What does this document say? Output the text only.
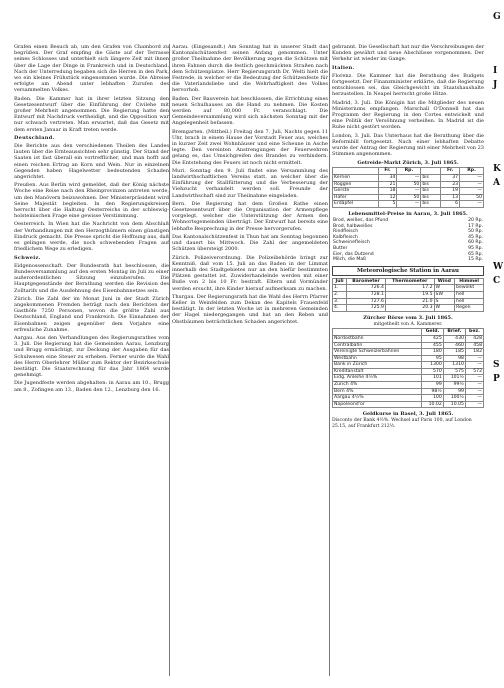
Grafen einen Besuch ab, um den Grafen von Chambord zu begrüßen. Der Graf empfing die Gäste auf der Terrasse seines Schlosses und unterhielt sich längere Zeit mit ihnen über die Lage der Dinge in Frankreich und in Deutschland. Nach der Unterredung begaben sich die Herren in den Park, wo ein kleines Frühstück eingenommen wurde. Die Abreise erfolgte am Abend unter lebhaften Zurufen des versammelten Volkes.

Baden. Die Kammer hat in ihrer letzten Sitzung den Gesetzesentwurf über die Einführung der Civilehe mit großer Mehrheit angenommen. Die Regierung hatte den Entwurf mit Nachdruck vertheidigt, und die Opposition war nur schwach vertreten. Man erwartet, daß das Gesetz mit dem ersten Januar in Kraft treten werde.

Deutschland.

Die Berichte aus den verschiedenen Theilen des Landes lauten über die Ernteaussichten sehr günstig. Der Stand der Saaten ist fast überall ein vortrefflicher, und man hofft auf einen reichen Ertrag an Korn und Wein. Nur in einzelnen Gegenden haben Hagelwetter bedeutenden Schaden angerichtet.

Preußen. Aus Berlin wird gemeldet, daß der König nächste Woche eine Reise nach den Rheinprovinzen antreten werde, um den Manövern beizuwohnen. Der Ministerpräsident wird Seine Majestät begleiten. In den Regierungskreisen herrscht über die Haltung Oesterreichs in der schleswig-holsteinischen Frage eine gewisse Verstimmung.

Oesterreich. In Wien hat die Nachricht von dem Abschluß der Verhandlungen mit den Herzogthümern einen günstigen Eindruck gemacht. Die Presse spricht die Hoffnung aus, daß es gelingen werde, die noch schwebenden Fragen auf friedlichem Wege zu erledigen.

Schweiz.

Eidgenossenschaft. Der Bundesrath hat beschlossen, die Bundesversammlung auf den ersten Montag im Juli zu einer außerordentlichen Sitzung einzuberufen. Die Hauptgegenstände der Berathung werden die Revision des Zolltarifs und die Ausdehnung des Eisenbahnnetzes sein.

Zürich. Die Zahl der im Monat Juni in der Stadt Zürich angekommenen Fremden beträgt nach den Berichten der Gasthöfe 7250 Personen, wovon die größte Zahl aus Deutschland, England und Frankreich. Die Einnahmen der Eisenbahnen zeigen gegenüber dem Vorjahre eine erfreuliche Zunahme.

Aargau. Aus den Verhandlungen des Regierungsrathes vom 3. Juli. Die Regierung hat die Gemeinden Aarau, Lenzburg und Brugg ermächtigt, zur Deckung der Ausgaben für das Schulwesen eine Steuer zu erheben. Ferner wurde die Wahl des Herrn Oberlehrer Müller zum Rektor der Bezirksschule bestätigt. Die Staatsrechnung für das Jahr 1864 wurde genehmigt.

Die Jugendfeste werden abgehalten: in Aarau am 10., Brugg am 8., Zofingen am 13., Baden den 12., Lenzburg den 16.

Aarau. (Eingesandt.) Am Sonntag hat in unserer Stadt das Kantonalschützenfest seinen Anfang genommen. Unter großer Theilnahme der Bevölkerung zogen die Schützen mit ihren Fahnen durch die festlich geschmückten Straßen nach dem Schützenplatze. Herr Regierungsrath Dr. Welti hielt die Festrede, in welcher er die Bedeutung der Schützenfeste für die Vaterlandsliebe und die Wehrhaftigkeit des Volkes hervorhob.

Baden. Der Bauverein hat beschlossen, die Errichtung eines neuen Schulhauses an die Hand zu nehmen. Die Kosten werden auf 80,000 Fr. veranschlagt. Die Gemeindeversammlung wird sich nächsten Sonntag mit der Angelegenheit befassen.

Bremgarten. (Mittheil.) Freitag den 7. Juli, Nachts gegen 11 Uhr, brach in einem Hause der Vorstadt Feuer aus, welches in kurzer Zeit zwei Wohnhäuser und eine Scheune in Asche legte. Den vereinten Anstrengungen der Feuerwehren gelang es, das Umsichgreifen des Brandes zu verhindern. Die Entstehung des Feuers ist noch nicht ermittelt.

Muri. Sonntag den 9. Juli findet eine Versammlung des landwirthschaftlichen Vereins statt, an welcher über die Einführung der Stallfütterung und die Verbesserung der Viehzucht verhandelt werden soll. Freunde der Landwirthschaft sind zur Theilnahme eingeladen.

Bern. Die Regierung hat dem Großen Rathe einen Gesetzesentwurf über die Organisation der Armenpflege vorgelegt, welcher die Unterstützung der Armen den Wohnortsgemeinden überträgt. Der Entwurf hat bereits eine lebhafte Besprechung in der Presse hervorgerufen.

Das Kantonalschützenfest in Thun hat am Sonntag begonnen und dauert bis Mittwoch. Die Zahl der angemeldeten Schützen übersteigt 2000.

Zürich. Polizeiverordnung. Die Polizeibehörde bringt zur Kenntniß, daß vom 15. Juli an das Baden in der Limmat innerhalb des Stadtgebietes nur an den hiefür bestimmten Plätzen gestattet ist. Zuwiderhandelnde werden mit einer Buße von 2 bis 10 Fr. bestraft. Eltern und Vormünder werden ersucht, ihre Kinder hierauf aufmerksam zu machen.

Thurgau. Der Regierungsrath hat die Wahl des Herrn Pfarrer Keller in Weinfelden zum Dekan des Kapitels Frauenfeld bestätigt. In der letzten Woche ist in mehreren Gemeinden der Hagel niedergegangen und hat an den Reben und Obstbäumen beträchtlichen Schaden angerichtet.

gebrannt. Die Gesellschaft hat nur die Verschreibungen der Kunden gewährt und neue Abschlüsse vorgenommen. Der Verkehr ist wieder im Gange.

Italien.

Florenz. Die Kammer hat die Berathung des Budgets fortgesetzt. Der Finanzminister erklärte, daß die Regierung entschlossen sei, das Gleichgewicht im Staatshaushalte herzustellen. In Neapel herrscht große Hitze.

Madrid, 3. Juli. Die Königin hat die Mitglieder des neuen Ministeriums empfangen. Marschall O'Donnell hat das Programm der Regierung in den Cortes entwickelt und eine Politik der Versöhnung verheißen. In Madrid ist die Ruhe nicht gestört worden.

London, 3. Juli. Das Unterhaus hat die Berathung über die Reformbill fortgesetzt. Nach einer lebhaften Debatte wurde der Antrag der Regierung mit einer Mehrheit von 23 Stimmen angenommen.

Getreide-Markt Zürich, 3. Juli 1865.
	Fr.	Rp.		Fr.	Rp.
Kernen	34	—	bis	37	—
Roggen	21	50	bis	23	—
Gerste	18	—	bis	19	—
Hafer	12	50	bis	13	50
Erdäpfel	5	—	bis	6	—
Lebensmittel-Preise in Aarau, 3. Juli 1865.
Brod, weißes, das Pfund	20 Rp.
Brod, halbweißes	17 Rp.
Rindfleisch	50 Rp.
Kalbfleisch	45 Rp.
Schweinefleisch	60 Rp.
Butter	95 Rp.
Eier, das Dutzend	65 Rp.
Milch, die Maß	15 Rp.
Meteorologische Station in Aarau
Juli	Barometer	Thermometer	Wind	Himmel
1.	726.4	17.2	W	bewölkt
2.	728.1	19.5	SW	hell
3.	727.6	21.0	S	hell
4.	725.9	20.3	W	Regen
Zürcher Börse vom 3. Juli 1865.
mitgetheilt von A. Kammerer.
	Geld.	Brief.	bez.
Nordostbahn	425	430	428
Centralbahn	455	460	458
Vereinigte Schweizerbahnen	180	185	182
Westbahn	95	98	—
Bank in Zürich	1300	1310	—
Kreditanstalt	570	575	572
Eidg. Anleihe 4½%	101	101½	—
Zürich 4%	99	99½	—
Bern 4%	98½	99	—
Aargau 4½%	100	100½	—
Napoleond'or	10.02	10.05	—
Geldkurse in Basel, 3. Juli 1865.
Disconto der Bank 4½%. Wechsel auf Paris 100, auf London 25.15, auf Frankfurt 212½.
G
I
J
K
A
W
C
S
P
